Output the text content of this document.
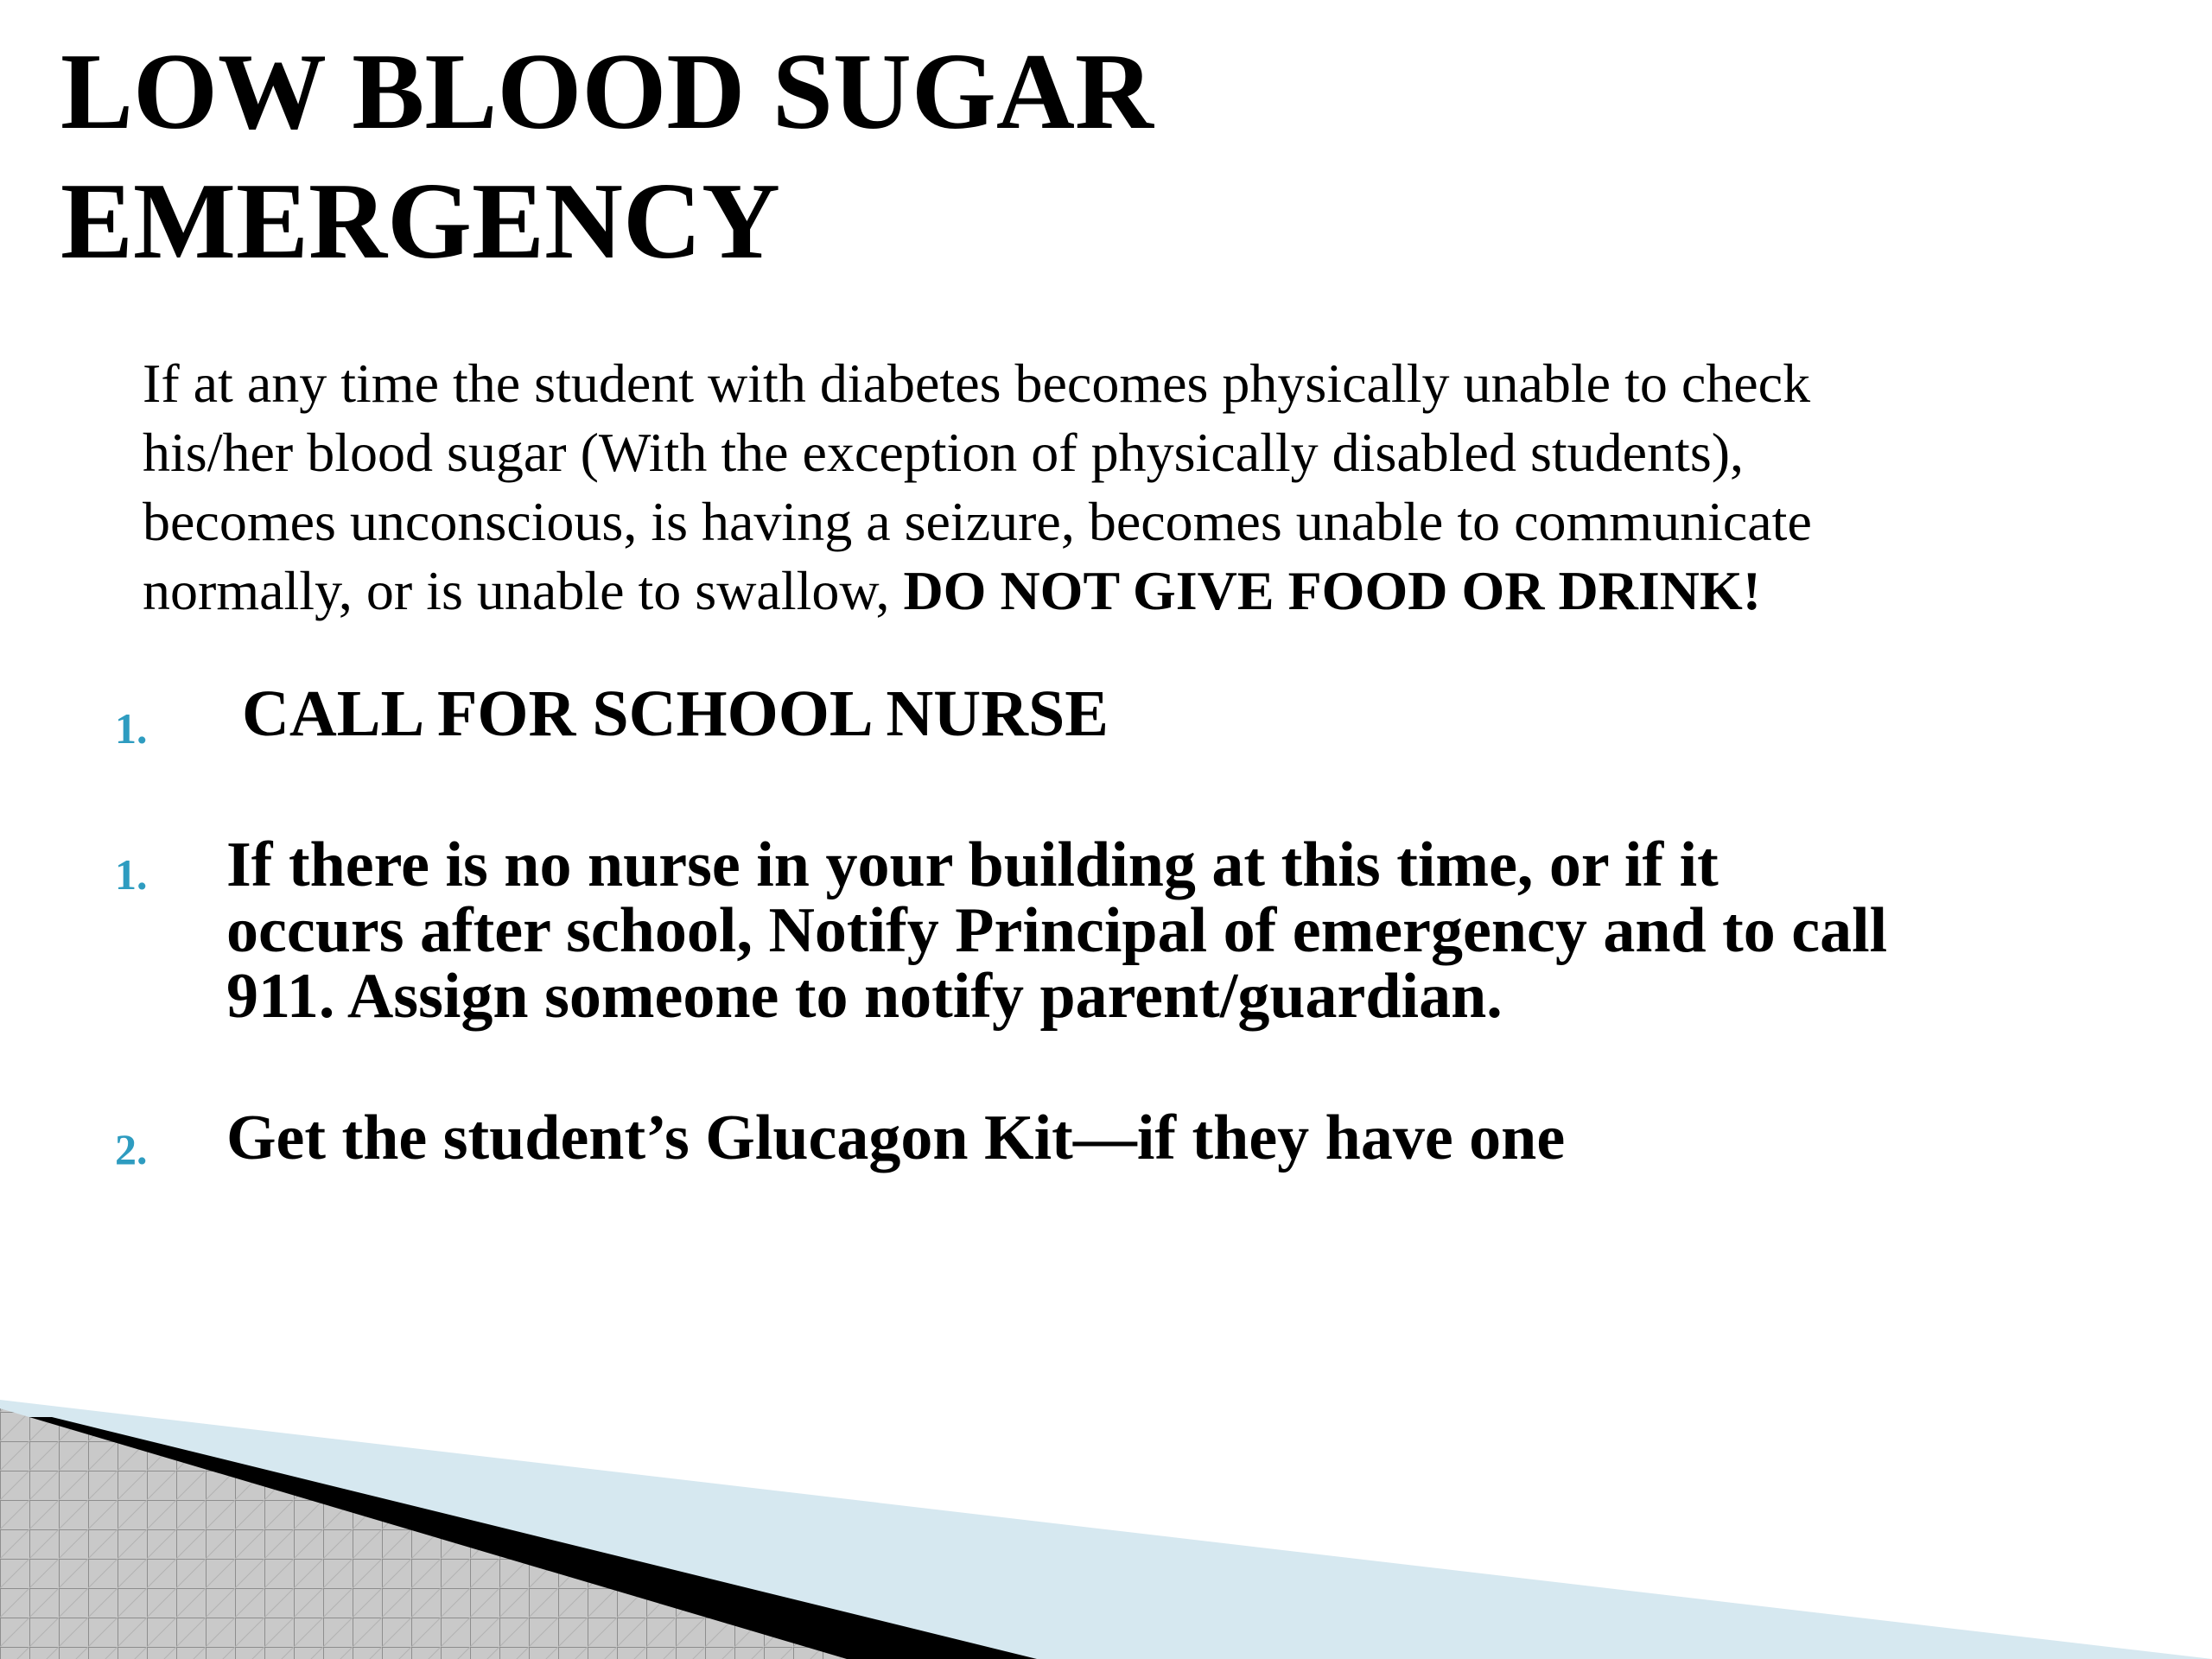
LOW BLOOD SUGAR
EMERGENCY

If at any time the student with diabetes becomes physically unable to check
his/her blood sugar (With the exception of physically disabled students),
becomes unconscious, is having a seizure, becomes unable to communicate
normally, or is unable to swallow, DO NOT GIVE FOOD OR DRINK!

1. CALL FOR SCHOOL NURSE

1. If there is no nurse in your building at this time, or if it
occurs after school, Notify Principal of emergency and to call
911. Assign someone to notify parent/guardian.

2. Get the student’s Glucagon Kit—if they have one
